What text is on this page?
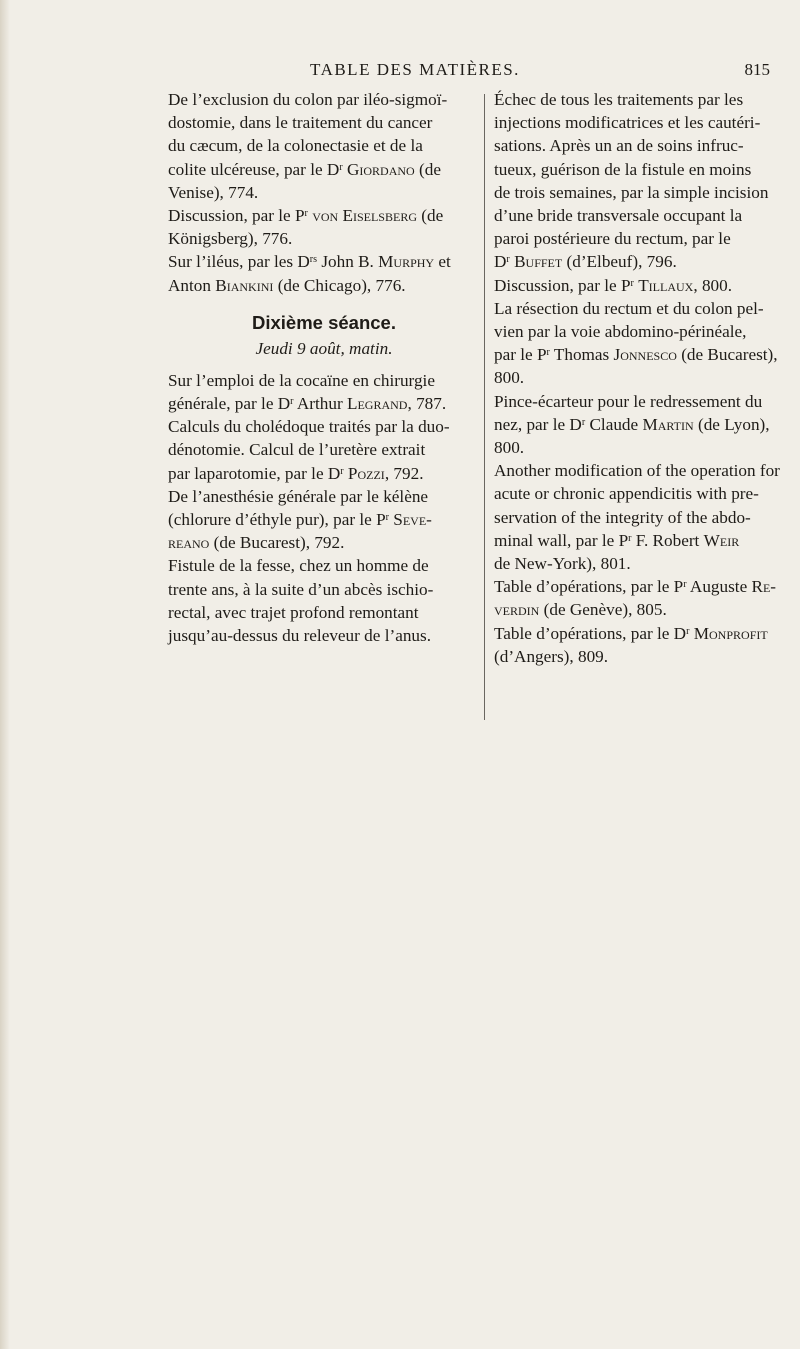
TABLE DES MATIÈRES.	815

De l’exclusion du colon par iléo-sigmoï-
dostomie, dans le traitement du cancer
du cæcum, de la colonectasie et de la
colite ulcéreuse, par le $D^r$ Giordano (de
Venise), 774.

Discussion, par le $P^r$ von Eiselsberg (de
Königsberg), 776.

Sur l’iléus, par les $D^{rs}$ John B. Murphy et
Anton Biankini (de Chicago), 776.

Dixième séance.
Jeudi 9 août, matin.

Sur l’emploi de la cocaïne en chirurgie
générale, par le $D^r$ Arthur Legrand, 787.

Calculs du cholédoque traités par la duo-
dénotomie. Calcul de l’uretère extrait
par laparotomie, par le $D^r$ Pozzi, 792.

De l’anesthésie générale par le kélène
(chlorure d’éthyle pur), par le $P^r$ Seve-
reano (de Bucarest), 792.

Fistule de la fesse, chez un homme de
trente ans, à la suite d’un abcès ischio-
rectal, avec trajet profond remontant
jusqu’au-dessus du releveur de l’anus.

Échec de tous les traitements par les
injections modificatrices et les cautéri-
sations. Après un an de soins infruc-
tueux, guérison de la fistule en moins
de trois semaines, par la simple incision
d’une bride transversale occupant la
paroi postérieure du rectum, par le
$D^r$ Buffet (d’Elbeuf), 796.

Discussion, par le $P^r$ Tillaux, 800.

La résection du rectum et du colon pel-
vien par la voie abdomino-périnéale,
par le $P^r$ Thomas Jonnesco (de Bucarest),
800.

Pince-écarteur pour le redressement du
nez, par le $D^r$ Claude Martin (de Lyon),
800.

Another modification of the operation for
acute or chronic appendicitis with pre-
servation of the integrity of the abdo-
minal wall, par le $P^r$ F. Robert Weir
de New-York), 801.

Table d’opérations, par le $P^r$ Auguste Re-
verdin (de Genève), 805.

Table d’opérations, par le $D^r$ Monprofit
(d’Angers), 809.
